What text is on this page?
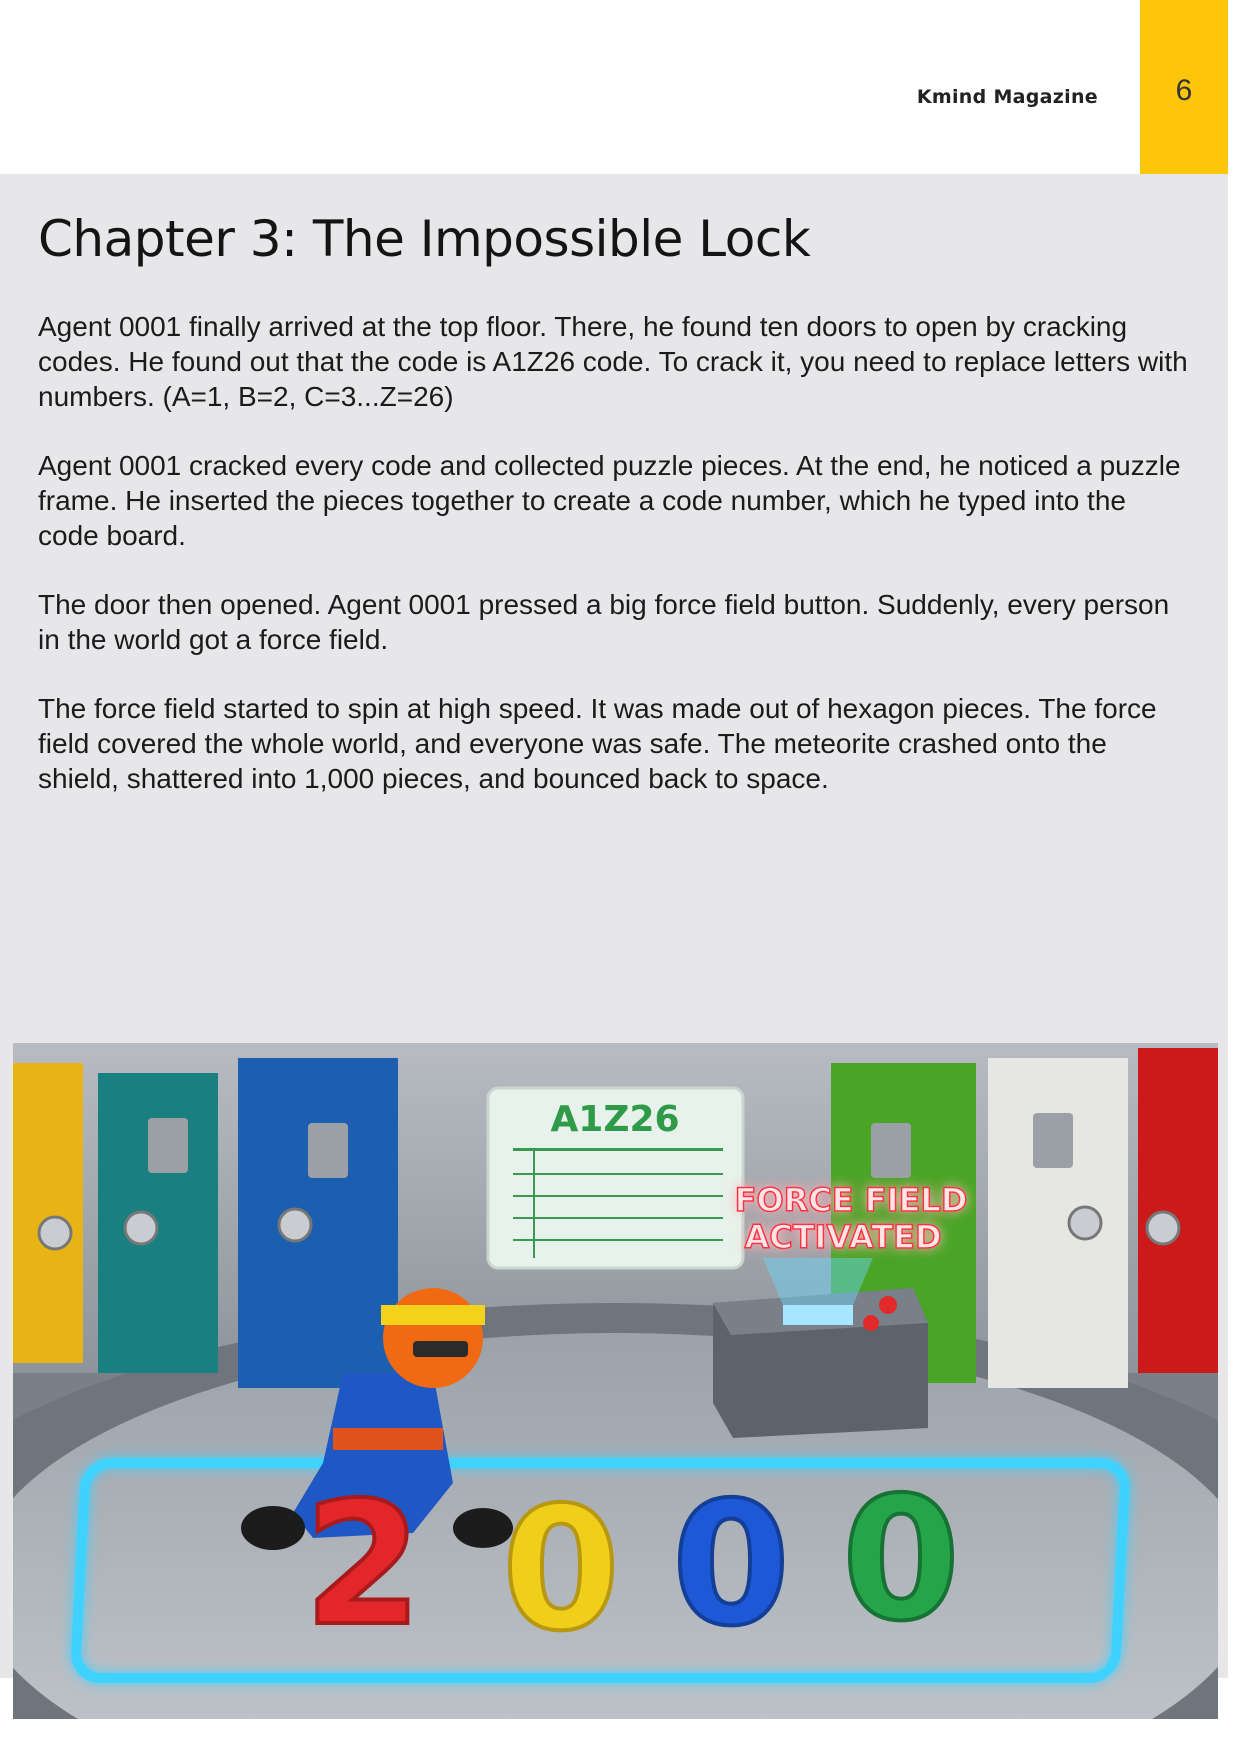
Kmind Magazine	6
Chapter 3: The Impossible Lock

Agent 0001 finally arrived at the top floor. There, he found ten doors to open by cracking codes. He found out that the code is A1Z26 code. To crack it, you need to replace letters with numbers. (A=1, B=2, C=3...Z=26)

Agent 0001 cracked every code and collected puzzle pieces. At the end, he noticed a puzzle frame. He inserted the pieces together to create a code number, which he typed into the code board.

The door then opened. Agent 0001 pressed a big force field button. Suddenly, every person in the world got a force field.

The force field started to spin at high speed. It was made out of hexagon pieces. The force field covered the whole world, and everyone was safe. The meteorite crashed onto the shield, shattered into 1,000 pieces, and bounced back to space.

A1Z26
FORCE FIELD
ACTIVATED
2 0 0 0
